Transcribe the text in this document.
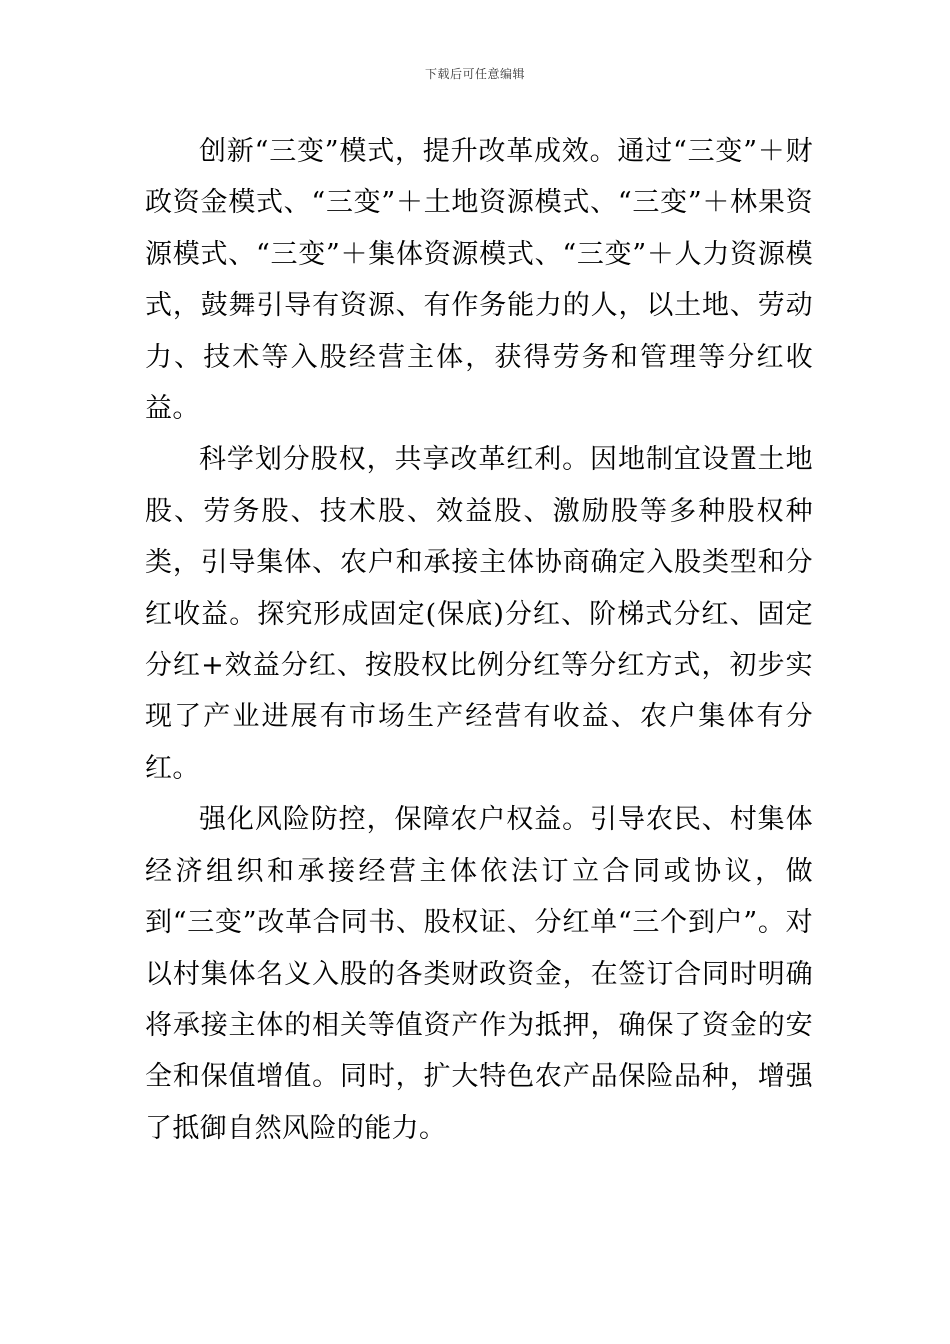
下载后可任意编辑

创新“三变”模式，提升改革成效。通过“三变”＋财政资金模式、“三变”＋土地资源模式、“三变”＋林果资源模式、“三变”＋集体资源模式、“三变”＋人力资源模式，鼓舞引导有资源、有作务能力的人，以土地、劳动力、技术等入股经营主体，获得劳务和管理等分红收益。

科学划分股权，共享改革红利。因地制宜设置土地股、劳务股、技术股、效益股、激励股等多种股权种类，引导集体、农户和承接主体协商确定入股类型和分红收益。探究形成固定(保底)分红、阶梯式分红、固定分红+效益分红、按股权比例分红等分红方式，初步实现了产业进展有市场生产经营有收益、农户集体有分红。

强化风险防控，保障农户权益。引导农民、村集体经济组织和承接经营主体依法订立合同或协议，做到“三变”改革合同书、股权证、分红单“三个到户”。对以村集体名义入股的各类财政资金，在签订合同时明确将承接主体的相关等值资产作为抵押，确保了资金的安全和保值增值。同时，扩大特色农产品保险品种，增强了抵御自然风险的能力。
